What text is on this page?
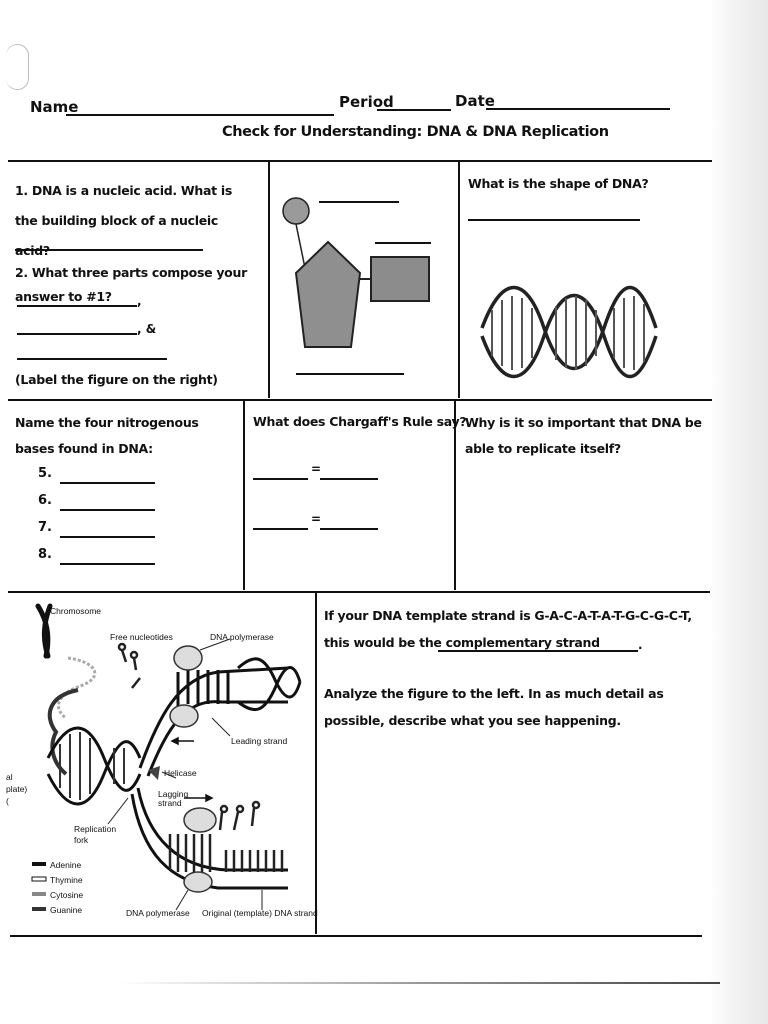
Name	Period	Date
Check for Understanding: DNA & DNA Replication
1. DNA is a nucleic acid. What is the building block of a nucleic acid?
2. What three parts compose your answer to #1?	,
, &
(Label the figure on the right)
What is the shape of DNA?
Name the four nitrogenous bases found in DNA:
5.
6.
7.
8.
What does Chargaff's Rule say?
=
=
Why is it so important that DNA be able to replicate itself?
Chromosome
Free nucleotides	DNA polymerase
Leading strand
Helicase
Lagging
strand
Replication
fork
DNA polymerase Original (template) DNA strand
al
plate)
(
Adenine
Thymine
Cytosine
Guanine
If your DNA template strand is G-A-C-A-T-A-T-G-C-G-C-T, this would be the complementary strand	.
Analyze the figure to the left. In as much detail as possible, describe what you see happening.
